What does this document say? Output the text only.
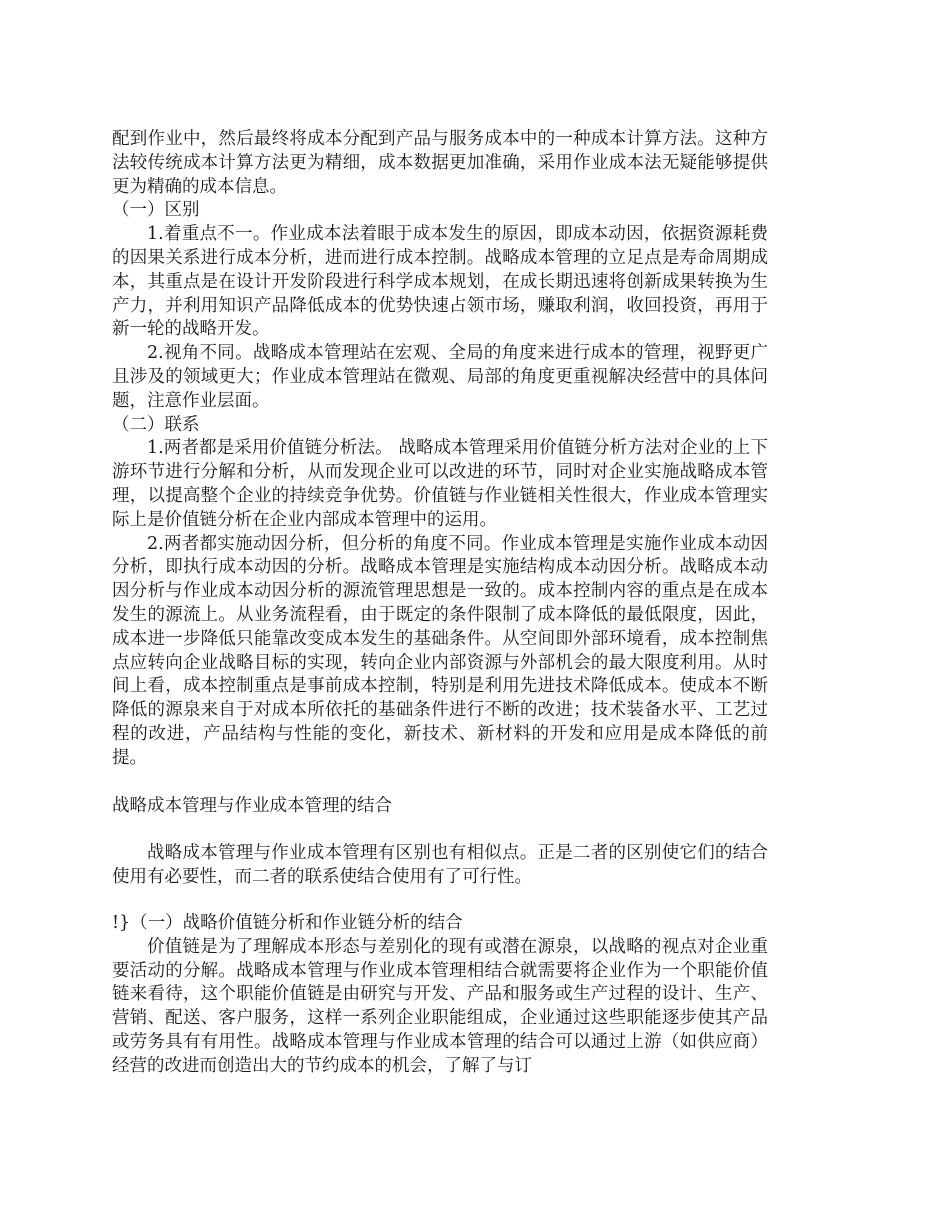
配到作业中，然后最终将成本分配到产品与服务成本中的一种成本计算方法。这种方法较传统成本计算方法更为精细，成本数据更加准确，采用作业成本法无疑能够提供更为精确的成本信息。

（一）区别

1.着重点不一。作业成本法着眼于成本发生的原因，即成本动因，依据资源耗费的因果关系进行成本分析，进而进行成本控制。战略成本管理的立足点是寿命周期成本，其重点是在设计开发阶段进行科学成本规划，在成长期迅速将创新成果转换为生产力，并利用知识产品降低成本的优势快速占领市场，赚取利润，收回投资，再用于新一轮的战略开发。

2.视角不同。战略成本管理站在宏观、全局的角度来进行成本的管理，视野更广且涉及的领域更大；作业成本管理站在微观、局部的角度更重视解决经营中的具体问题，注意作业层面。

（二）联系

1.两者都是采用价值链分析法。 战略成本管理采用价值链分析方法对企业的上下游环节进行分解和分析，从而发现企业可以改进的环节，同时对企业实施战略成本管理，以提高整个企业的持续竞争优势。价值链与作业链相关性很大，作业成本管理实际上是价值链分析在企业内部成本管理中的运用。

2.两者都实施动因分析，但分析的角度不同。作业成本管理是实施作业成本动因分析，即执行成本动因的分析。战略成本管理是实施结构成本动因分析。战略成本动因分析与作业成本动因分析的源流管理思想是一致的。成本控制内容的重点是在成本发生的源流上。从业务流程看，由于既定的条件限制了成本降低的最低限度，因此，成本进一步降低只能靠改变成本发生的基础条件。从空间即外部环境看，成本控制焦点应转向企业战略目标的实现，转向企业内部资源与外部机会的最大限度利用。从时间上看，成本控制重点是事前成本控制，特别是利用先进技术降低成本。使成本不断降低的源泉来自于对成本所依托的基础条件进行不断的改进；技术装备水平、工艺过程的改进，产品结构与性能的变化，新技术、新材料的开发和应用是成本降低的前提。

战略成本管理与作业成本管理的结合

战略成本管理与作业成本管理有区别也有相似点。正是二者的区别使它们的结合使用有必要性，而二者的联系使结合使用有了可行性。

!}（一）战略价值链分析和作业链分析的结合

价值链是为了理解成本形态与差别化的现有或潜在源泉，以战略的视点对企业重要活动的分解。战略成本管理与作业成本管理相结合就需要将企业作为一个职能价值链来看待，这个职能价值链是由研究与开发、产品和服务或生产过程的设计、生产、营销、配送、客户服务，这样一系列企业职能组成，企业通过这些职能逐步使其产品或劳务具有有用性。战略成本管理与作业成本管理的结合可以通过上游（如供应商）经营的改进而创造出大的节约成本的机会，了解了与订
